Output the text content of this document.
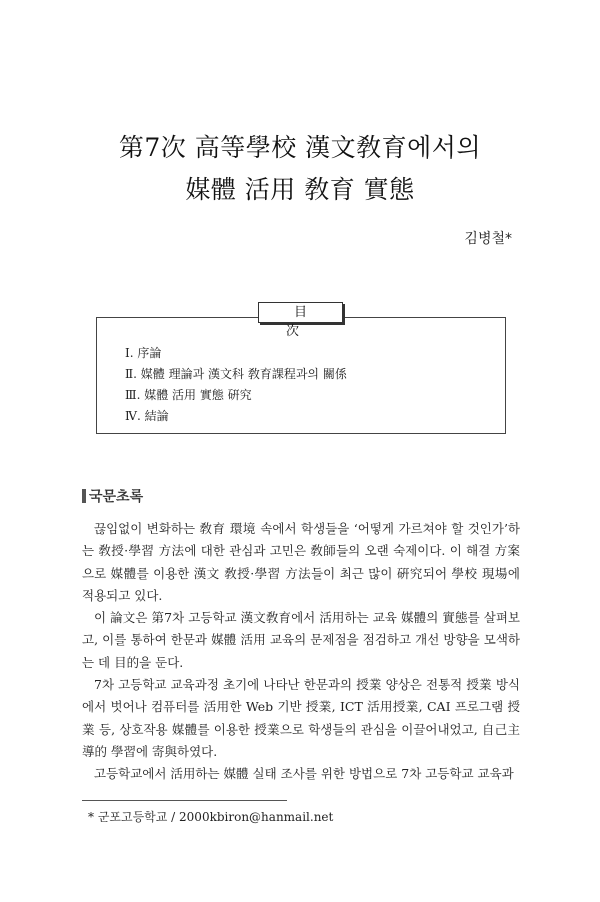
第7次 高等學校 漢文敎育에서의
媒體 活用 敎育 實態
김병철*
目 次
Ⅰ. 序論
Ⅱ. 媒體 理論과 漢文科 敎育課程과의 關係
Ⅲ. 媒體 活用 實態 硏究
Ⅳ. 結論
국문초록

끊임없이 변화하는 敎育 環境 속에서 학생들을 ‘어떻게 가르쳐야 할 것인가’하는 敎授·學習 方法에 대한 관심과 고민은 敎師들의 오랜 숙제이다. 이 해결 方案으로 媒體를 이용한 漢文 敎授·學習 方法들이 최근 많이 硏究되어 學校 現場에 적용되고 있다.

이 論文은 第7차 고등학교 漢文敎育에서 活用하는 교육 媒體의 實態를 살펴보고, 이를 통하여 한문과 媒體 活用 교육의 문제점을 점검하고 개선 방향을 모색하는 데 目的을 둔다.

7차 고등학교 교육과정 초기에 나타난 한문과의 授業 양상은 전통적 授業 방식에서 벗어나 컴퓨터를 活用한 Web 기반 授業, ICT 活用授業, CAI 프로그램 授業 등, 상호작용 媒體를 이용한 授業으로 학생들의 관심을 이끌어내었고, 自己主導的 學習에 寄與하였다.

고등학교에서 活用하는 媒體 실태 조사를 위한 방법으로 7차 고등학교 교육과

* 군포고등학교 / 2000kbiron@hanmail.net
